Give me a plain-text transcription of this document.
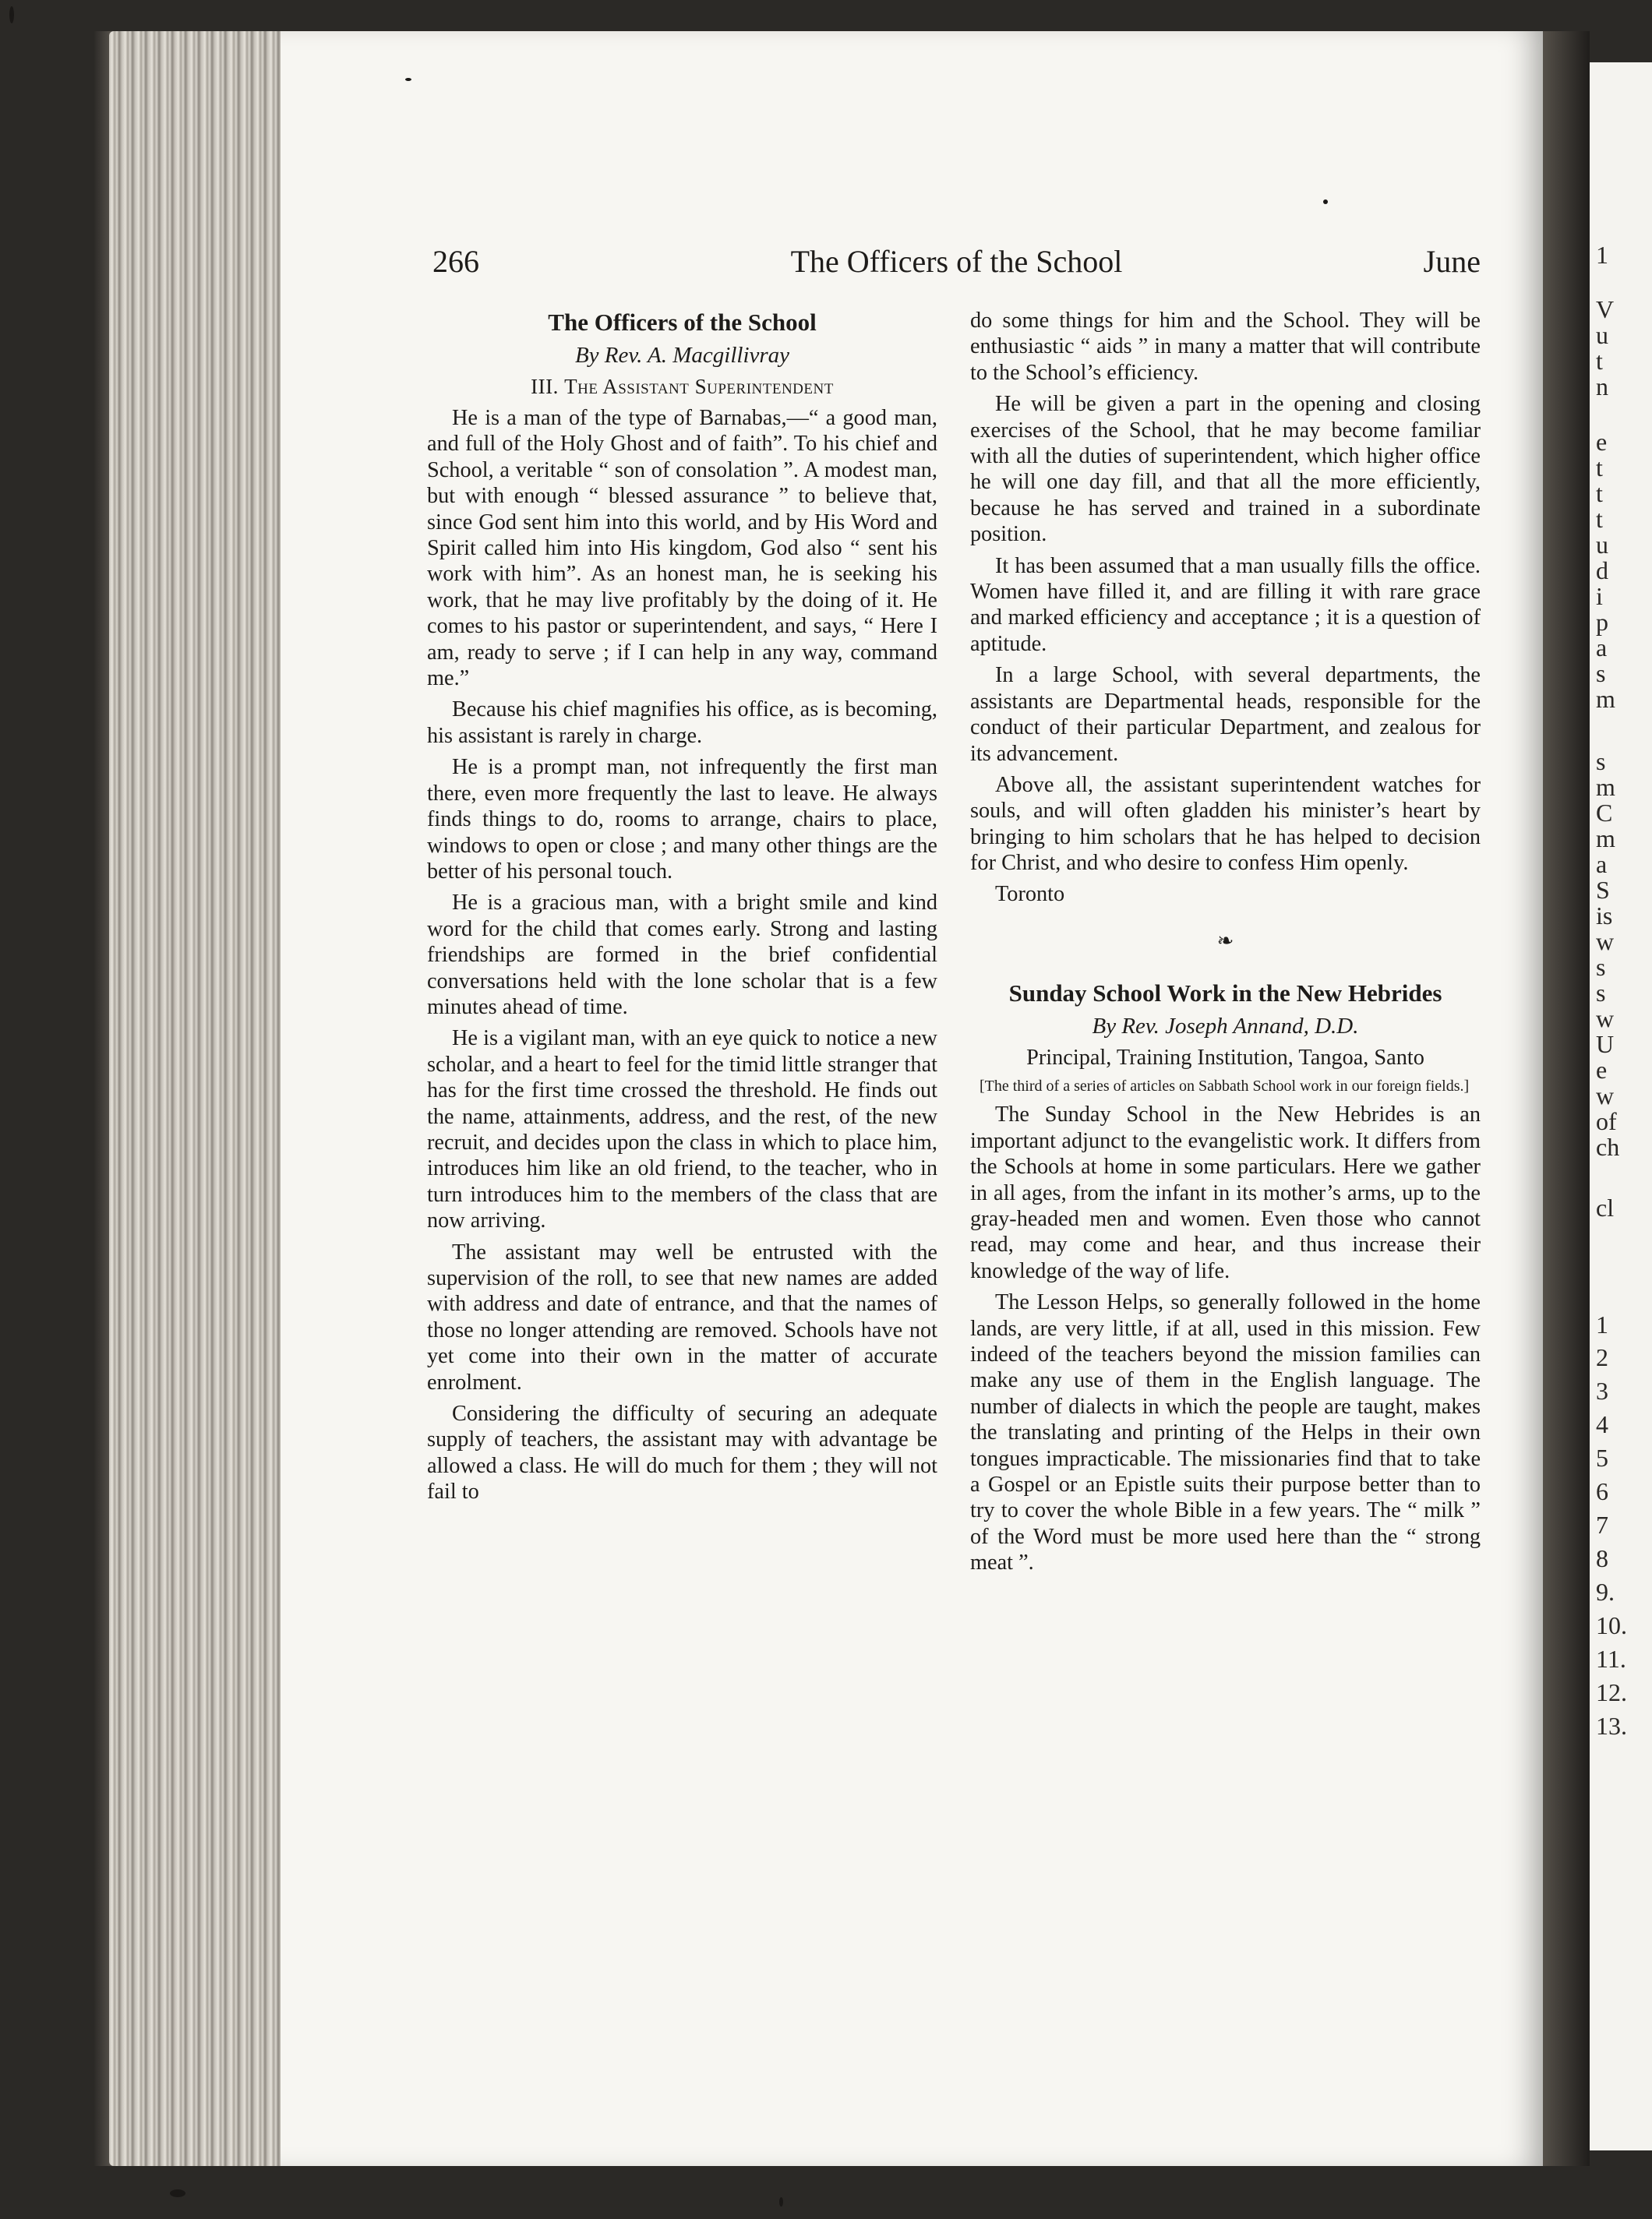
1
V
u
t
n
e
t
t
t
u
d
i
p
a
s
m
s
m
C
m
a
S
is
w
s
s
w
U
e
w
of
ch
cl
1
2
3
4
5
6
7
8
9.
10.
11.
12.
13.
266	The Officers of the School	June

The Officers of the School

By Rev. A. Macgillivray

III. The Assistant Superintendent

He is a man of the type of Barnabas,—“ a good man, and full of the Holy Ghost and of faith”. To his chief and School, a veritable “ son of consolation ”. A modest man, but with enough “ blessed assurance ” to believe that, since God sent him into this world, and by His Word and Spirit called him into His kingdom, God also “ sent his work with him”. As an honest man, he is seeking his work, that he may live profitably by the doing of it. He comes to his pastor or superintendent, and says, “ Here I am, ready to serve ; if I can help in any way, command me.”

Because his chief magnifies his office, as is becoming, his assistant is rarely in charge.

He is a prompt man, not infrequently the first man there, even more frequently the last to leave. He always finds things to do, rooms to arrange, chairs to place, windows to open or close ; and many other things are the better of his personal touch.

He is a gracious man, with a bright smile and kind word for the child that comes early. Strong and lasting friendships are formed in the brief confidential conversations held with the lone scholar that is a few minutes ahead of time.

He is a vigilant man, with an eye quick to notice a new scholar, and a heart to feel for the timid little stranger that has for the first time crossed the threshold. He finds out the name, attainments, address, and the rest, of the new recruit, and decides upon the class in which to place him, introduces him like an old friend, to the teacher, who in turn introduces him to the members of the class that are now arriving.

The assistant may well be entrusted with the supervision of the roll, to see that new names are added with address and date of entrance, and that the names of those no longer attending are removed. Schools have not yet come into their own in the matter of accurate enrolment.

Considering the difficulty of securing an adequate supply of teachers, the assistant may with advantage be allowed a class. He will do much for them ; they will not fail to

do some things for him and the School. They will be enthusiastic “ aids ” in many a matter that will contribute to the School’s efficiency.

He will be given a part in the opening and closing exercises of the School, that he may become familiar with all the duties of superintendent, which higher office he will one day fill, and that all the more efficiently, because he has served and trained in a subordinate position.

It has been assumed that a man usually fills the office. Women have filled it, and are filling it with rare grace and marked efficiency and acceptance ; it is a question of aptitude.

In a large School, with several departments, the assistants are Departmental heads, responsible for the conduct of their particular Department, and zealous for its advancement.

Above all, the assistant superintendent watches for souls, and will often gladden his minister’s heart by bringing to him scholars that he has helped to decision for Christ, and who desire to confess Him openly.

Toronto

❧

Sunday School Work in the New Hebrides

By Rev. Joseph Annand, D.D.

Principal, Training Institution, Tangoa, Santo

[The third of a series of articles on Sabbath School work in our foreign fields.]

The Sunday School in the New Hebrides is an important adjunct to the evangelistic work. It differs from the Schools at home in some particulars. Here we gather in all ages, from the infant in its mother’s arms, up to the gray-headed men and women. Even those who cannot read, may come and hear, and thus increase their knowledge of the way of life.

The Lesson Helps, so generally followed in the home lands, are very little, if at all, used in this mission. Few indeed of the teachers beyond the mission families can make any use of them in the English language. The number of dialects in which the people are taught, makes the translating and printing of the Helps in their own tongues impracticable. The missionaries find that to take a Gospel or an Epistle suits their purpose better than to try to cover the whole Bible in a few years. The “ milk ” of the Word must be more used here than the “ strong meat ”.
